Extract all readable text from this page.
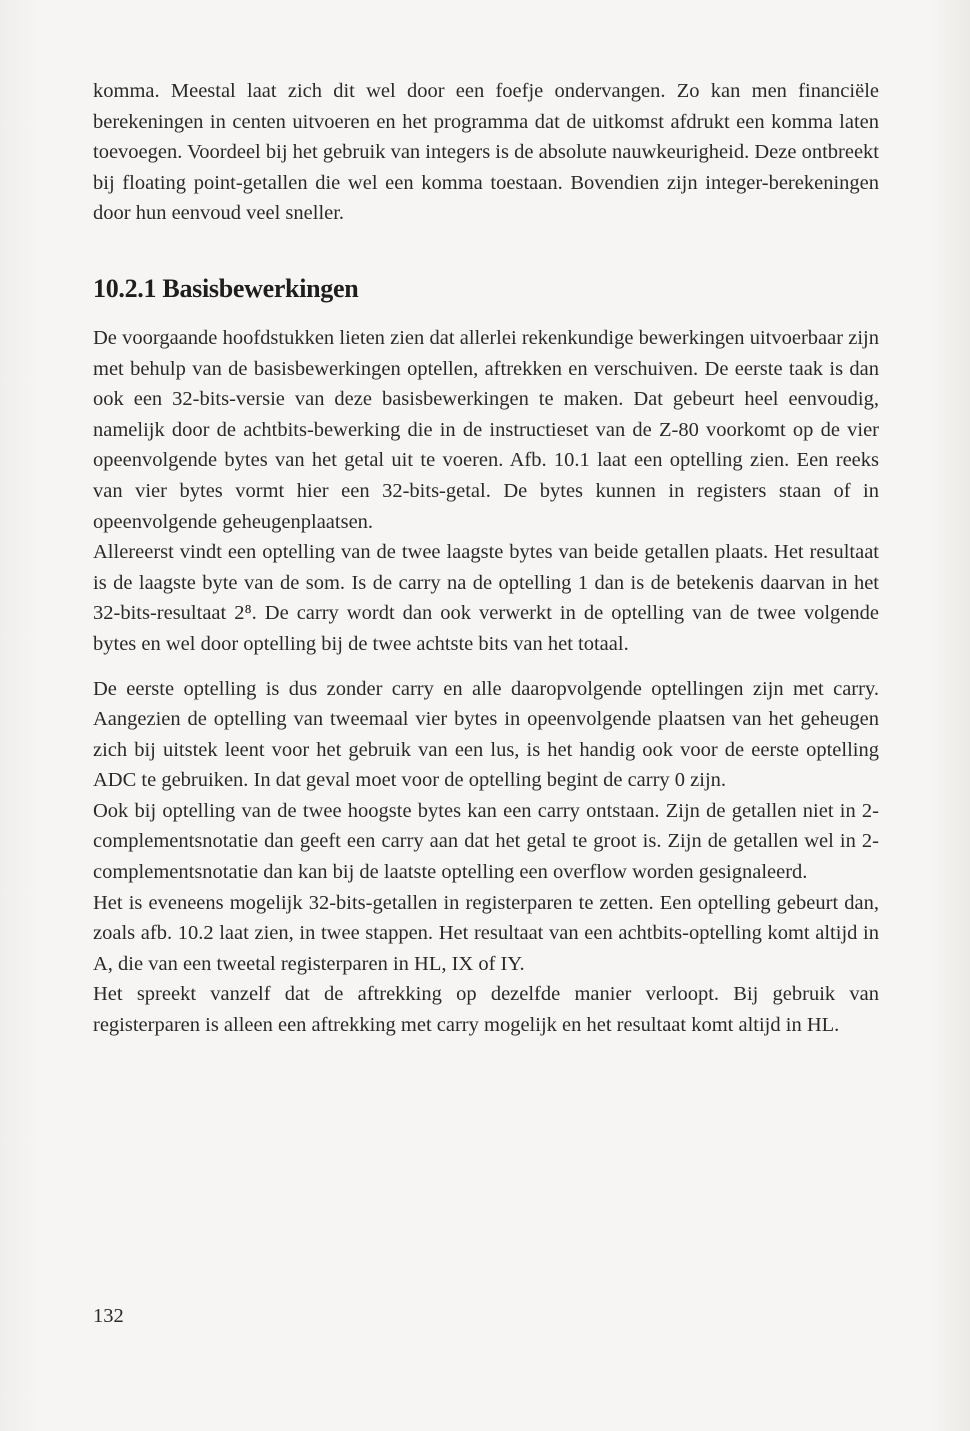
komma. Meestal laat zich dit wel door een foefje ondervangen. Zo kan men financiële berekeningen in centen uitvoeren en het programma dat de uitkomst afdrukt een komma laten toevoegen. Voordeel bij het gebruik van integers is de absolute nauwkeurigheid. Deze ontbreekt bij floating point-getallen die wel een komma toestaan. Bovendien zijn integer-berekeningen door hun eenvoud veel sneller.

10.2.1 Basisbewerkingen

De voorgaande hoofdstukken lieten zien dat allerlei rekenkundige bewerkingen uitvoerbaar zijn met behulp van de basisbewerkingen optellen, aftrekken en verschuiven. De eerste taak is dan ook een 32-bits-versie van deze basisbewerkingen te maken. Dat gebeurt heel eenvoudig, namelijk door de achtbits-bewerking die in de instructieset van de Z-80 voorkomt op de vier opeenvolgende bytes van het getal uit te voeren. Afb. 10.1 laat een optelling zien. Een reeks van vier bytes vormt hier een 32-bits-getal. De bytes kunnen in registers staan of in opeenvolgende geheugenplaatsen.

Allereerst vindt een optelling van de twee laagste bytes van beide getallen plaats. Het resultaat is de laagste byte van de som. Is de carry na de optelling 1 dan is de betekenis daarvan in het 32-bits-resultaat 2⁸. De carry wordt dan ook verwerkt in de optelling van de twee volgende bytes en wel door optelling bij de twee achtste bits van het totaal.

De eerste optelling is dus zonder carry en alle daaropvolgende optellingen zijn met carry. Aangezien de optelling van tweemaal vier bytes in opeenvolgende plaatsen van het geheugen zich bij uitstek leent voor het gebruik van een lus, is het handig ook voor de eerste optelling ADC te gebruiken. In dat geval moet voor de optelling begint de carry 0 zijn.

Ook bij optelling van de twee hoogste bytes kan een carry ontstaan. Zijn de getallen niet in 2-complementsnotatie dan geeft een carry aan dat het getal te groot is. Zijn de getallen wel in 2-complementsnotatie dan kan bij de laatste optelling een overflow worden gesignaleerd.

Het is eveneens mogelijk 32-bits-getallen in registerparen te zetten. Een optelling gebeurt dan, zoals afb. 10.2 laat zien, in twee stappen. Het resultaat van een achtbits-optelling komt altijd in A, die van een tweetal registerparen in HL, IX of IY.

Het spreekt vanzelf dat de aftrekking op dezelfde manier verloopt. Bij gebruik van registerparen is alleen een aftrekking met carry mogelijk en het resultaat komt altijd in HL.

132
